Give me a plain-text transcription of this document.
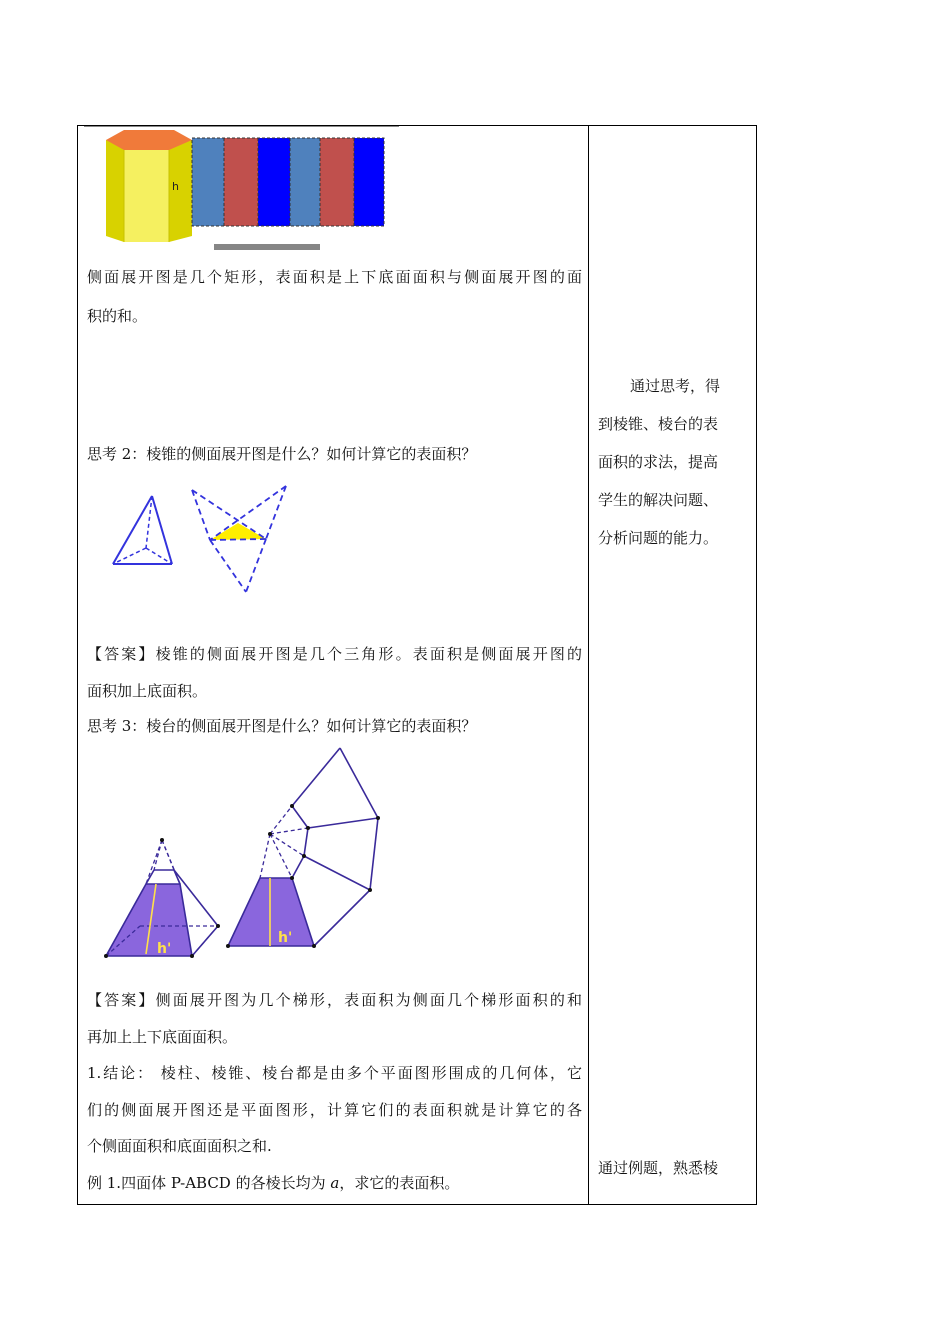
h

侧面展开图是几个矩形，表面积是上下底面面积与侧面展开图的面

积的和。

思考 2：棱锥的侧面展开图是什么？如何计算它的表面积？

【答案】棱锥的侧面展开图是几个三角形。表面积是侧面展开图的

面积加上底面积。

思考 3：棱台的侧面展开图是什么？如何计算它的表面积？

h'
h'

【答案】侧面展开图为几个梯形，表面积为侧面几个梯形面积的和

再加上上下底面面积。

1.结论： 棱柱、棱锥、棱台都是由多个平面图形围成的几何体，它

们的侧面展开图还是平面图形，计算它们的表面积就是计算它的各

个侧面面积和底面面积之和.

例 1.四面体 P-ABCD 的各棱长均为 a，求它的表面积。

通过思考，得

到棱锥、棱台的表

面积的求法，提高

学生的解决问题、

分析问题的能力。

通过例题，熟悉棱
